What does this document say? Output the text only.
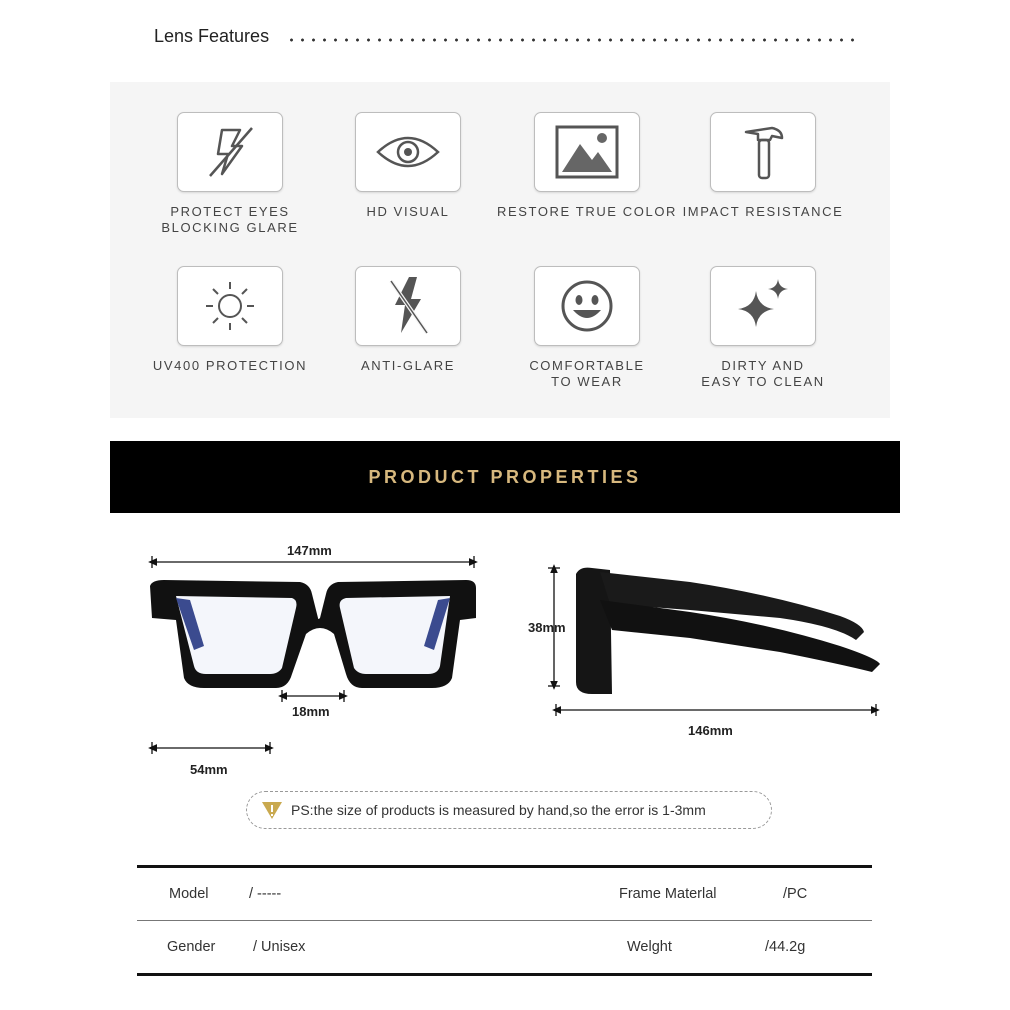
Lens Features
PROTECT EYES
BLOCKING GLARE
HD VISUAL	RESTORE TRUE COLOR IMPACT RESISTANCE
UV400 PROTECTION	ANTI-GLARE	COMFORTABLE
TO WEAR
DIRTY AND
EASY TO CLEAN
PRODUCT PROPERTIES
147mm
18mm
54mm
38mm
146mm
PS:the size of products is measured by hand,so the error is 1-3mm
Model	/ -----	Frame Materlal	/PC
Gender	/ Unisex	Welght	/44.2g
